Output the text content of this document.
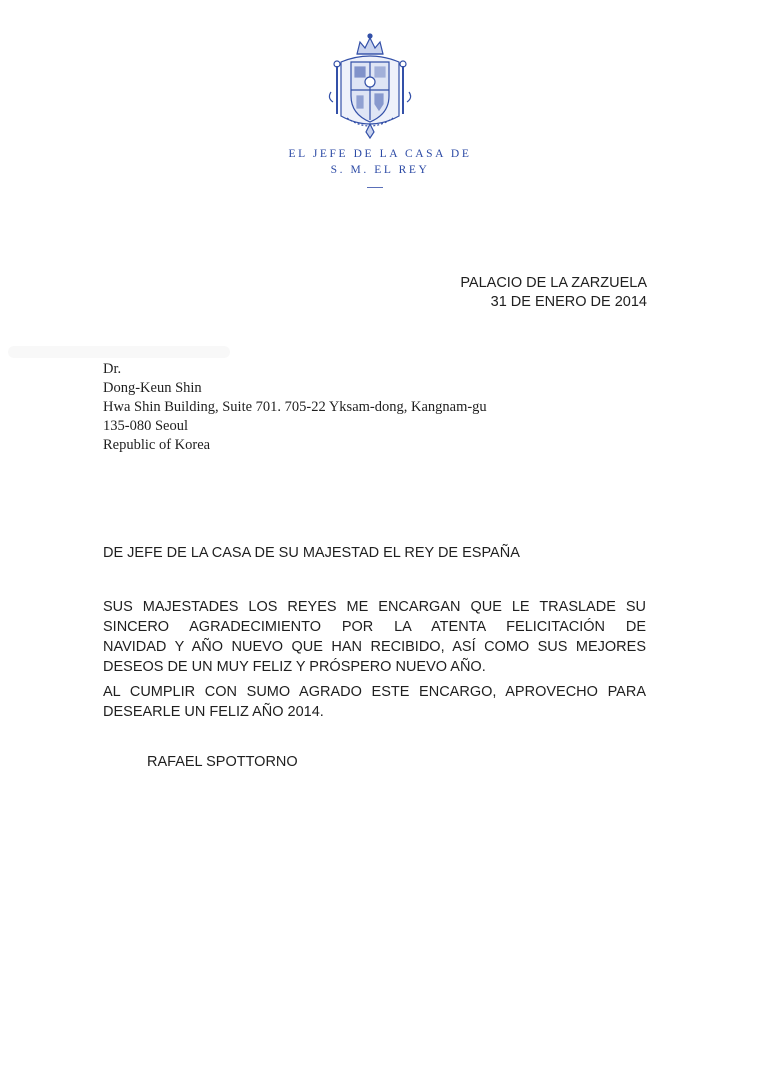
EL JEFE DE LA CASA DE
S. M. EL REY
PALACIO DE LA ZARZUELA
31 DE ENERO DE 2014
Dr.
Dong-Keun Shin
Hwa Shin Building, Suite 701. 705-22 Yksam-dong, Kangnam-gu
135-080 Seoul
Republic of Korea
DE JEFE DE LA CASA DE SU MAJESTAD EL REY DE ESPAÑA
SUS MAJESTADES LOS REYES ME ENCARGAN QUE LE TRASLADE SU
SINCERO AGRADECIMIENTO POR LA ATENTA FELICITACIÓN DE
NAVIDAD Y AÑO NUEVO QUE HAN RECIBIDO, ASÍ COMO SUS MEJORES
DESEOS DE UN MUY FELIZ Y PRÓSPERO NUEVO AÑO.
AL CUMPLIR CON SUMO AGRADO ESTE ENCARGO, APROVECHO PARA
DESEARLE UN FELIZ AÑO 2014.
RAFAEL SPOTTORNO
